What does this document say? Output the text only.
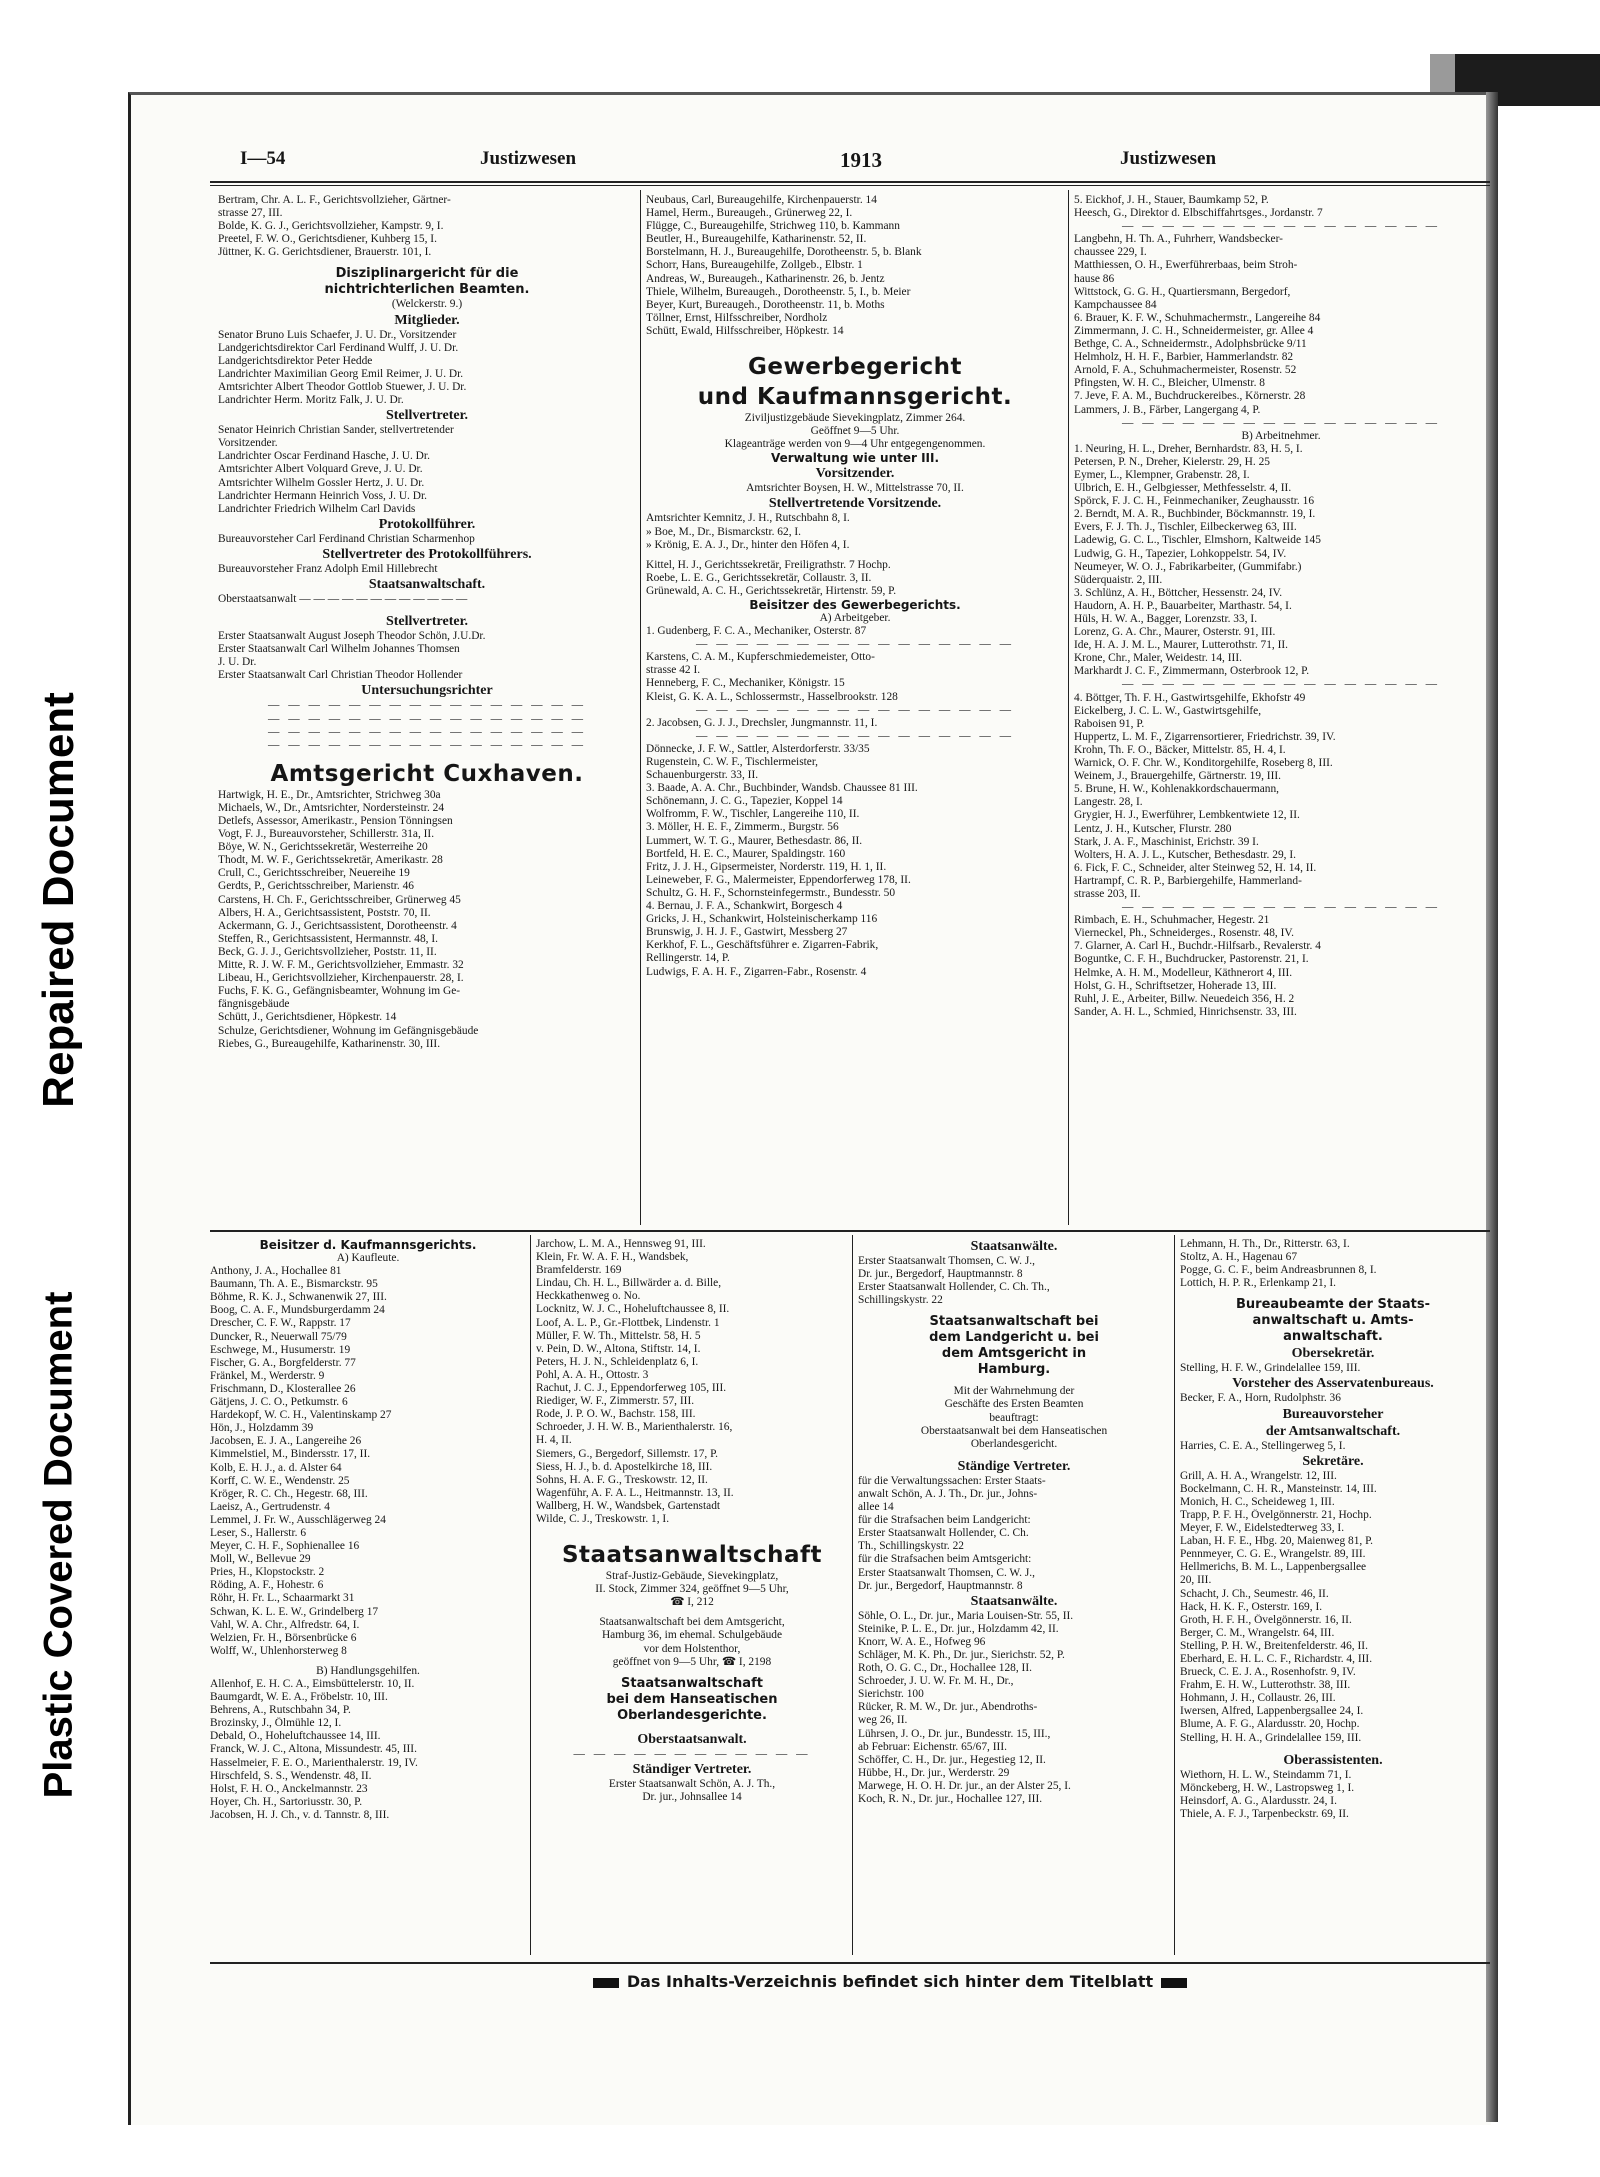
Repaired Document
Plastic Covered Document
I—54	Justizwesen	1913	Justizwesen
Bertram, Chr. A. L. F., Gerichtsvollzieher, Gärtner-
strasse 27, III.
Bolde, K. G. J., Gerichtsvollzieher, Kampstr. 9, I.
Preetel, F. W. O., Gerichtsdiener, Kuhberg 15, I.
Jüttner, K. G. Gerichtsdiener, Brauerstr. 101, I.
Disziplinargericht für die
nichtrichterlichen Beamten.
(Welckerstr. 9.)
Mitglieder.
Senator Bruno Luis Schaefer, J. U. Dr., Vorsitzender
Landgerichtsdirektor Carl Ferdinand Wulff, J. U. Dr.
Landgerichtsdirektor Peter Hedde
Landrichter Maximilian Georg Emil Reimer, J. U. Dr.
Amtsrichter Albert Theodor Gottlob Stuewer, J. U. Dr.
Landrichter Herm. Moritz Falk, J. U. Dr.
Stellvertreter.
Senator Heinrich Christian Sander, stellvertretender
Vorsitzender.
Landrichter Oscar Ferdinand Hasche, J. U. Dr.
Amtsrichter Albert Volquard Greve, J. U. Dr.
Amtsrichter Wilhelm Gossler Hertz, J. U. Dr.
Landrichter Hermann Heinrich Voss, J. U. Dr.
Landrichter Friedrich Wilhelm Carl Davids
Protokollführer.
Bureauvorsteher Carl Ferdinand Christian Scharmenhop
Stellvertreter des Protokollführers.
Bureauvorsteher Franz Adolph Emil Hillebrecht
Staatsanwaltschaft.
Oberstaatsanwalt — — — — — — — — — — — —
Stellvertreter.
Erster Staatsanwalt August Joseph Theodor Schön, J.U.Dr.
Erster Staatsanwalt Carl Wilhelm Johannes Thomsen
J. U. Dr.
Erster Staatsanwalt Carl Christian Theodor Hollender
Untersuchungsrichter
— — — — — — — — — — — — — — — —
— — — — — — — — — — — — — — — —
— — — — — — — — — — — — — — — —
— — — — — — — — — — — — — — — —
Amtsgericht Cuxhaven.
Hartwigk, H. E., Dr., Amtsrichter, Strichweg 30a
Michaels, W., Dr., Amtsrichter, Nordersteinstr. 24
Detlefs, Assessor, Amerikastr., Pension Tönningsen
Vogt, F. J., Bureauvorsteher, Schillerstr. 31a, II.
Böye, W. N., Gerichtssekretär, Westerreihe 20
Thodt, M. W. F., Gerichtssekretär, Amerikastr. 28
Crull, C., Gerichtsschreiber, Neuereihe 19
Gerdts, P., Gerichtsschreiber, Marienstr. 46
Carstens, H. Ch. F., Gerichtsschreiber, Grünerweg 45
Albers, H. A., Gerichtsassistent, Poststr. 70, II.
Ackermann, G. J., Gerichtsassistent, Dorotheenstr. 4
Steffen, R., Gerichtsassistent, Hermannstr. 48, I.
Beck, G. J. J., Gerichtsvollzieher, Poststr. 11, II.
Mitte, R. J. W. F. M., Gerichtsvollzieher, Emmastr. 32
Libeau, H., Gerichtsvollzieher, Kirchenpauerstr. 28, I.
Fuchs, F. K. G., Gefängnisbeamter, Wohnung im Ge-
fängnisgebäude
Schütt, J., Gerichtsdiener, Höpkestr. 14
Schulze, Gerichtsdiener, Wohnung im Gefängnisgebäude
Riebes, G., Bureaugehilfe, Katharinenstr. 30, III.
Neubaus, Carl, Bureaugehilfe, Kirchenpauerstr. 14
Hamel, Herm., Bureaugeh., Grünerweg 22, I.
Flügge, C., Bureaugehilfe, Strichweg 110, b. Kammann
Beutler, H., Bureaugehilfe, Katharinenstr. 52, II.
Borstelmann, H. J., Bureaugehilfe, Dorotheenstr. 5, b. Blank
Schorr, Hans, Bureaugehilfe, Zollgeb., Elbstr. 1
Andreas, W., Bureaugeh., Katharinenstr. 26, b. Jentz
Thiele, Wilhelm, Bureaugeh., Dorotheenstr. 5, I., b. Meier
Beyer, Kurt, Bureaugeh., Dorotheenstr. 11, b. Moths
Töllner, Ernst, Hilfsschreiber, Nordholz
Schütt, Ewald, Hilfsschreiber, Höpkestr. 14
Gewerbegericht
und Kaufmannsgericht.
Ziviljustizgebäude Sievekingplatz, Zimmer 264.
Geöffnet 9—5 Uhr.
Klageanträge werden von 9—4 Uhr entgegengenommen.
Verwaltung wie unter III.
Vorsitzender.
Amtsrichter Boysen, H. W., Mittelstrasse 70, II.
Stellvertretende Vorsitzende.
Amtsrichter Kemnitz, J. H., Rutschbahn 8, I.
» Boe, M., Dr., Bismarckstr. 62, I.
» Krönig, E. A. J., Dr., hinter den Höfen 4, I.
Kittel, H. J., Gerichtssekretär, Freiligrathstr. 7 Hochp.
Roebe, L. E. G., Gerichtssekretär, Collaustr. 3, II.
Grünewald, A. C. H., Gerichtssekretär, Hirtenstr. 59, P.
Beisitzer des Gewerbegerichts.
A) Arbeitgeber.
1. Gudenberg, F. C. A., Mechaniker, Osterstr. 87
— — — — — — — — — — — — — — — —
Karstens, C. A. M., Kupferschmiedemeister, Otto-
strasse 42 I.
Henneberg, F. C., Mechaniker, Königstr. 15
Kleist, G. K. A. L., Schlossermstr., Hasselbrookstr. 128
— — — — — — — — — — — — — — — —
2. Jacobsen, G. J. J., Drechsler, Jungmannstr. 11, I.
— — — — — — — — — — — — — — — —
Dönnecke, J. F. W., Sattler, Alsterdorferstr. 33/35
Rugenstein, C. W. F., Tischlermeister,
Schauenburgerstr. 33, II.
3. Baade, A. A. Chr., Buchbinder, Wandsb. Chaussee 81 III.
Schönemann, J. C. G., Tapezier, Koppel 14
Wolfromm, F. W., Tischler, Langereihe 110, II.
3. Möller, H. E. F., Zimmerm., Burgstr. 56
Lummert, W. T. G., Maurer, Bethesdastr. 86, II.
Bortfeld, H. E. C., Maurer, Spaldingstr. 160
Fritz, J. J. H., Gipsermeister, Norderstr. 119, H. 1, II.
Leineweber, F. G., Malermeister, Eppendorferweg 178, II.
Schultz, G. H. F., Schornsteinfegermstr., Bundesstr. 50
4. Bernau, J. F. A., Schankwirt, Borgesch 4
Gricks, J. H., Schankwirt, Holsteinischerkamp 116
Brunswig, J. H. J. F., Gastwirt, Messberg 27
Kerkhof, F. L., Geschäftsführer e. Zigarren-Fabrik,
Rellingerstr. 14, P.
Ludwigs, F. A. H. F., Zigarren-Fabr., Rosenstr. 4
5. Eickhof, J. H., Stauer, Baumkamp 52, P.
Heesch, G., Direktor d. Elbschiffahrtsges., Jordanstr. 7
— — — — — — — — — — — — — — — —
Langbehn, H. Th. A., Fuhrherr, Wandsbecker-
chaussee 229, I.
Matthiessen, O. H., Ewerführerbaas, beim Stroh-
hause 86
Wittstock, G. G. H., Quartiersmann, Bergedorf,
Kampchaussee 84
6. Brauer, K. F. W., Schuhmachermstr., Langereihe 84
Zimmermann, J. C. H., Schneidermeister, gr. Allee 4
Bethge, C. A., Schneidermstr., Adolphsbrücke 9/11
Helmholz, H. H. F., Barbier, Hammerlandstr. 82
Arnold, F. A., Schuhmachermeister, Rosenstr. 52
Pfingsten, W. H. C., Bleicher, Ulmenstr. 8
7. Jeve, F. A. M., Buchdruckereibes., Körnerstr. 28
Lammers, J. B., Färber, Langergang 4, P.
— — — — — — — — — — — — — — — —
B) Arbeitnehmer.
1. Neuring, H. L., Dreher, Bernhardstr. 83, H. 5, I.
Petersen, P. N., Dreher, Kielerstr. 29, H. 25
Eymer, L., Klempner, Grabenstr. 28, I.
Ulbrich, E. H., Gelbgiesser, Methfesselstr. 4, II.
Spörck, F. J. C. H., Feinmechaniker, Zeughausstr. 16
2. Berndt, M. A. R., Buchbinder, Böckmannstr. 19, I.
Evers, F. J. Th. J., Tischler, Eilbeckerweg 63, III.
Ladewig, G. C. L., Tischler, Elmshorn, Kaltweide 145
Ludwig, G. H., Tapezier, Lohkoppelstr. 54, IV.
Neumeyer, W. O. J., Fabrikarbeiter, (Gummifabr.)
Süderquaistr. 2, III.
3. Schlünz, A. H., Böttcher, Hessenstr. 24, IV.
Haudorn, A. H. P., Bauarbeiter, Marthastr. 54, I.
Hüls, H. W. A., Bagger, Lorenzstr. 33, I.
Lorenz, G. A. Chr., Maurer, Osterstr. 91, III.
Ide, H. A. J. M. L., Maurer, Lutterothstr. 71, II.
Krone, Chr., Maler, Weidestr. 14, III.
Markhardt J. C. F., Zimmermann, Osterbrook 12, P.
— — — — — — — — — — — — — — — —
4. Böttger, Th. F. H., Gastwirtsgehilfe, Ekhofstr 49
Eickelberg, J. C. L. W., Gastwirtsgehilfe,
Raboisen 91, P.
Huppertz, L. M. F., Zigarrensortierer, Friedrichstr. 39, IV.
Krohn, Th. F. O., Bäcker, Mittelstr. 85, H. 4, I.
Warnick, O. F. Chr. W., Konditorgehilfe, Roseberg 8, III.
Weinem, J., Brauergehilfe, Gärtnerstr. 19, III.
5. Brune, H. W., Kohlenakkordschauermann,
Langestr. 28, I.
Grygier, H. J., Ewerführer, Lembkentwiete 12, II.
Lentz, J. H., Kutscher, Flurstr. 280
Stark, J. A. F., Maschinist, Erichstr. 39 I.
Wolters, H. A. J. L., Kutscher, Bethesdastr. 29, I.
6. Fick, F. C., Schneider, alter Steinweg 52, H. 14, II.
Hartrampf, C. R. P., Barbiergehilfe, Hammerland-
strasse 203, II.
— — — — — — — — — — — — — — — —
Rimbach, E. H., Schuhmacher, Hegestr. 21
Vierneckel, Ph., Schneiderges., Rosenstr. 48, IV.
7. Glarner, A. Carl H., Buchdr.-Hilfsarb., Revalerstr. 4
Boguntke, C. F. H., Buchdrucker, Pastorenstr. 21, I.
Helmke, A. H. M., Modelleur, Käthnerort 4, III.
Holst, G. H., Schriftsetzer, Hoherade 13, III.
Ruhl, J. E., Arbeiter, Billw. Neuedeich 356, H. 2
Sander, A. H. L., Schmied, Hinrichsenstr. 33, III.
Beisitzer d. Kaufmannsgerichts.
A) Kaufleute.
Anthony, J. A., Hochallee 81
Baumann, Th. A. E., Bismarckstr. 95
Böhme, R. K. J., Schwanenwik 27, III.
Boog, C. A. F., Mundsburgerdamm 24
Drescher, C. F. W., Rappstr. 17
Duncker, R., Neuerwall 75/79
Eschwege, M., Husumerstr. 19
Fischer, G. A., Borgfelderstr. 77
Fränkel, M., Werderstr. 9
Frischmann, D., Klosterallee 26
Gätjens, J. C. O., Petkumstr. 6
Hardekopf, W. C. H., Valentinskamp 27
Hön, J., Holzdamm 39
Jacobsen, E. J. A., Langereihe 26
Kimmelstiel, M., Bindersstr. 17, II.
Kolb, E. H. J., a. d. Alster 64
Korff, C. W. E., Wendenstr. 25
Kröger, R. C. Ch., Hegestr. 68, III.
Laeisz, A., Gertrudenstr. 4
Lemmel, J. Fr. W., Ausschlägerweg 24
Leser, S., Hallerstr. 6
Meyer, C. H. F., Sophienallee 16
Moll, W., Bellevue 29
Pries, H., Klopstockstr. 2
Röding, A. F., Hohestr. 6
Röhr, H. Fr. L., Schaarmarkt 31
Schwan, K. L. E. W., Grindelberg 17
Vahl, W. A. Chr., Alfredstr. 64, I.
Welzien, Fr. H., Börsenbrücke 6
Wolff, W., Uhlenhorsterweg 8
B) Handlungsgehilfen.
Allenhof, E. H. C. A., Eimsbüttelerstr. 10, II.
Baumgardt, W. E. A., Fröbelstr. 10, III.
Behrens, A., Rutschbahn 34, P.
Brozinsky, J., Ölmühle 12, I.
Debald, O., Hoheluftchaussee 14, III.
Franck, W. J. C., Altona, Missundestr. 45, III.
Hasselmeier, F. E. O., Marienthalerstr. 19, IV.
Hirschfeld, S. S., Wendenstr. 48, II.
Holst, F. H. O., Anckelmannstr. 23
Hoyer, Ch. H., Sartoriusstr. 30, P.
Jacobsen, H. J. Ch., v. d. Tannstr. 8, III.
Jarchow, L. M. A., Hennsweg 91, III.
Klein, Fr. W. A. F. H., Wandsbek,
Bramfelderstr. 169
Lindau, Ch. H. L., Billwärder a. d. Bille,
Heckkathenweg o. No.
Locknitz, W. J. C., Hoheluftchaussee 8, II.
Loof, A. L. P., Gr.-Flottbek, Lindenstr. 1
Müller, F. W. Th., Mittelstr. 58, H. 5
v. Pein, D. W., Altona, Stiftstr. 14, I.
Peters, H. J. N., Schleidenplatz 6, I.
Pohl, A. A. H., Ottostr. 3
Rachut, J. C. J., Eppendorferweg 105, III.
Riediger, W. F., Zimmerstr. 57, III.
Rode, J. P. O. W., Bachstr. 158, III.
Schroeder, J. H. W. B., Marienthalerstr. 16,
H. 4, II.
Siemers, G., Bergedorf, Sillemstr. 17, P.
Siess, H. J., b. d. Apostelkirche 18, III.
Sohns, H. A. F. G., Treskowstr. 12, II.
Wagenführ, A. F. A. L., Heitmannstr. 13, II.
Wallberg, H. W., Wandsbek, Gartenstadt
Wilde, C. J., Treskowstr. 1, I.
Staatsanwaltschaft
Straf-Justiz-Gebäude, Sievekingplatz,
II. Stock, Zimmer 324, geöffnet 9—5 Uhr,
☎ I, 212
Staatsanwaltschaft bei dem Amtsgericht,
Hamburg 36, im ehemal. Schulgebäude
vor dem Holstenthor,
geöffnet von 9—5 Uhr, ☎ I, 2198
Staatsanwaltschaft
bei dem Hanseatischen
Oberlandesgerichte.
Oberstaatsanwalt.
— — — — — — — — — — — —
Ständiger Vertreter.
Erster Staatsanwalt Schön, A. J. Th.,
Dr. jur., Johnsallee 14
Staatsanwälte.
Erster Staatsanwalt Thomsen, C. W. J.,
Dr. jur., Bergedorf, Hauptmannstr. 8
Erster Staatsanwalt Hollender, C. Ch. Th.,
Schillingskystr. 22
Staatsanwaltschaft bei
dem Landgericht u. bei
dem Amtsgericht in
Hamburg.
Mit der Wahrnehmung der
Geschäfte des Ersten Beamten
beauftragt:
Oberstaatsanwalt bei dem Hanseatischen
Oberlandesgericht.
Ständige Vertreter.
für die Verwaltungssachen: Erster Staats-
anwalt Schön, A. J. Th., Dr. jur., Johns-
allee 14
für die Strafsachen beim Landgericht:
Erster Staatsanwalt Hollender, C. Ch.
Th., Schillingskystr. 22
für die Strafsachen beim Amtsgericht:
Erster Staatsanwalt Thomsen, C. W. J.,
Dr. jur., Bergedorf, Hauptmannstr. 8
Staatsanwälte.
Söhle, O. L., Dr. jur., Maria Louisen-Str. 55, II.
Steinike, P. L. E., Dr. jur., Holzdamm 42, II.
Knorr, W. A. E., Hofweg 96
Schläger, M. K. Ph., Dr. jur., Sierichstr. 52, P.
Roth, O. G. C., Dr., Hochallee 128, II.
Schroeder, J. U. W. Fr. M. H., Dr.,
Sierichstr. 100
Rücker, R. M. W., Dr. jur., Abendroths-
weg 26, II.
Lührsen, J. O., Dr. jur., Bundesstr. 15, III.,
ab Februar: Eichenstr. 65/67, III.
Schöffer, C. H., Dr. jur., Hegestieg 12, II.
Hübbe, H., Dr. jur., Werderstr. 29
Marwege, H. O. H. Dr. jur., an der Alster 25, I.
Koch, R. N., Dr. jur., Hochallee 127, III.
Lehmann, H. Th., Dr., Ritterstr. 63, I.
Stoltz, A. H., Hagenau 67
Pogge, G. C. F., beim Andreasbrunnen 8, I.
Lottich, H. P. R., Erlenkamp 21, I.
Bureaubeamte der Staats-
anwaltschaft u. Amts-
anwaltschaft.
Obersekretär.
Stelling, H. F. W., Grindelallee 159, III.
Vorsteher des Asservatenbureaus.
Becker, F. A., Horn, Rudolphstr. 36
Bureauvorsteher
der Amtsanwaltschaft.
Harries, C. E. A., Stellingerweg 5, I.
Sekretäre.
Grill, A. H. A., Wrangelstr. 12, III.
Bockelmann, C. H. R., Mansteinstr. 14, III.
Monich, H. C., Scheideweg 1, III.
Trapp, P. F. H., Övelgönnerstr. 21, Hochp.
Meyer, F. W., Eidelstedterweg 33, I.
Laban, H. F. E., Hbg. 20, Maienweg 81, P.
Pennmeyer, C. G. E., Wrangelstr. 89, III.
Hellmerichs, B. M. L., Lappenbergsallee
20, III.
Schacht, J. Ch., Seumestr. 46, II.
Hack, H. K. F., Osterstr. 169, I.
Groth, H. F. H., Övelgönnerstr. 16, II.
Berger, C. M., Wrangelstr. 64, III.
Stelling, P. H. W., Breitenfelderstr. 46, II.
Eberhard, E. H. L. C. F., Richardstr. 4, III.
Brueck, C. E. J. A., Rosenhofstr. 9, IV.
Frahm, E. H. W., Lutterothstr. 38, III.
Hohmann, J. H., Collaustr. 26, III.
Iwersen, Alfred, Lappenbergsallee 24, I.
Blume, A. F. G., Alardusstr. 20, Hochp.
Stelling, H. H. A., Grindelallee 159, III.
Oberassistenten.
Wiethorn, H. L. W., Steindamm 71, I.
Mönckeberg, H. W., Lastropsweg 1, I.
Heinsdorf, A. G., Alardusstr. 24, I.
Thiele, A. F. J., Tarpenbeckstr. 69, II.
Das Inhalts-Verzeichnis befindet sich hinter dem Titelblatt
